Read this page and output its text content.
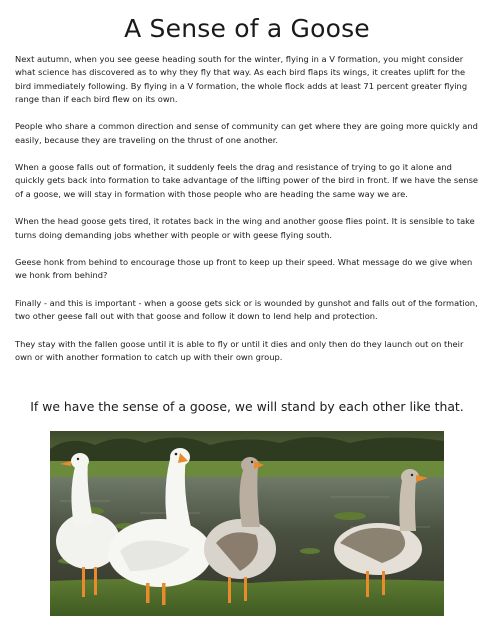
A Sense of a Goose

Next autumn, when you see geese heading south for the winter, flying in a V formation, you might consider what science has discovered as to why they fly that way. As each bird flaps its wings, it creates uplift for the bird immediately following. By flying in a V formation, the whole flock adds at least 71 percent greater flying range than if each bird flew on its own.

People who share a common direction and sense of community can get where they are going more quickly and easily, because they are traveling on the thrust of one another.

When a goose falls out of formation, it suddenly feels the drag and resistance of trying to go it alone and quickly gets back into formation to take advantage of the lifting power of the bird in front. If we have the sense of a goose, we will stay in formation with those people who are heading the same way we are.

When the head goose gets tired, it rotates back in the wing and another goose flies point. It is sensible to take turns doing demanding jobs whether with people or with geese flying south.

Geese honk from behind to encourage those up front to keep up their speed. What message do we give when we honk from behind?

Finally - and this is important - when a goose gets sick or is wounded by gunshot and falls out of the formation, two other geese fall out with that goose and follow it down to lend help and protection.

They stay with the fallen goose until it is able to fly or until it dies and only then do they launch out on their own or with another formation to catch up with their own group.

If we have the sense of a goose, we will stand by each other like that.
